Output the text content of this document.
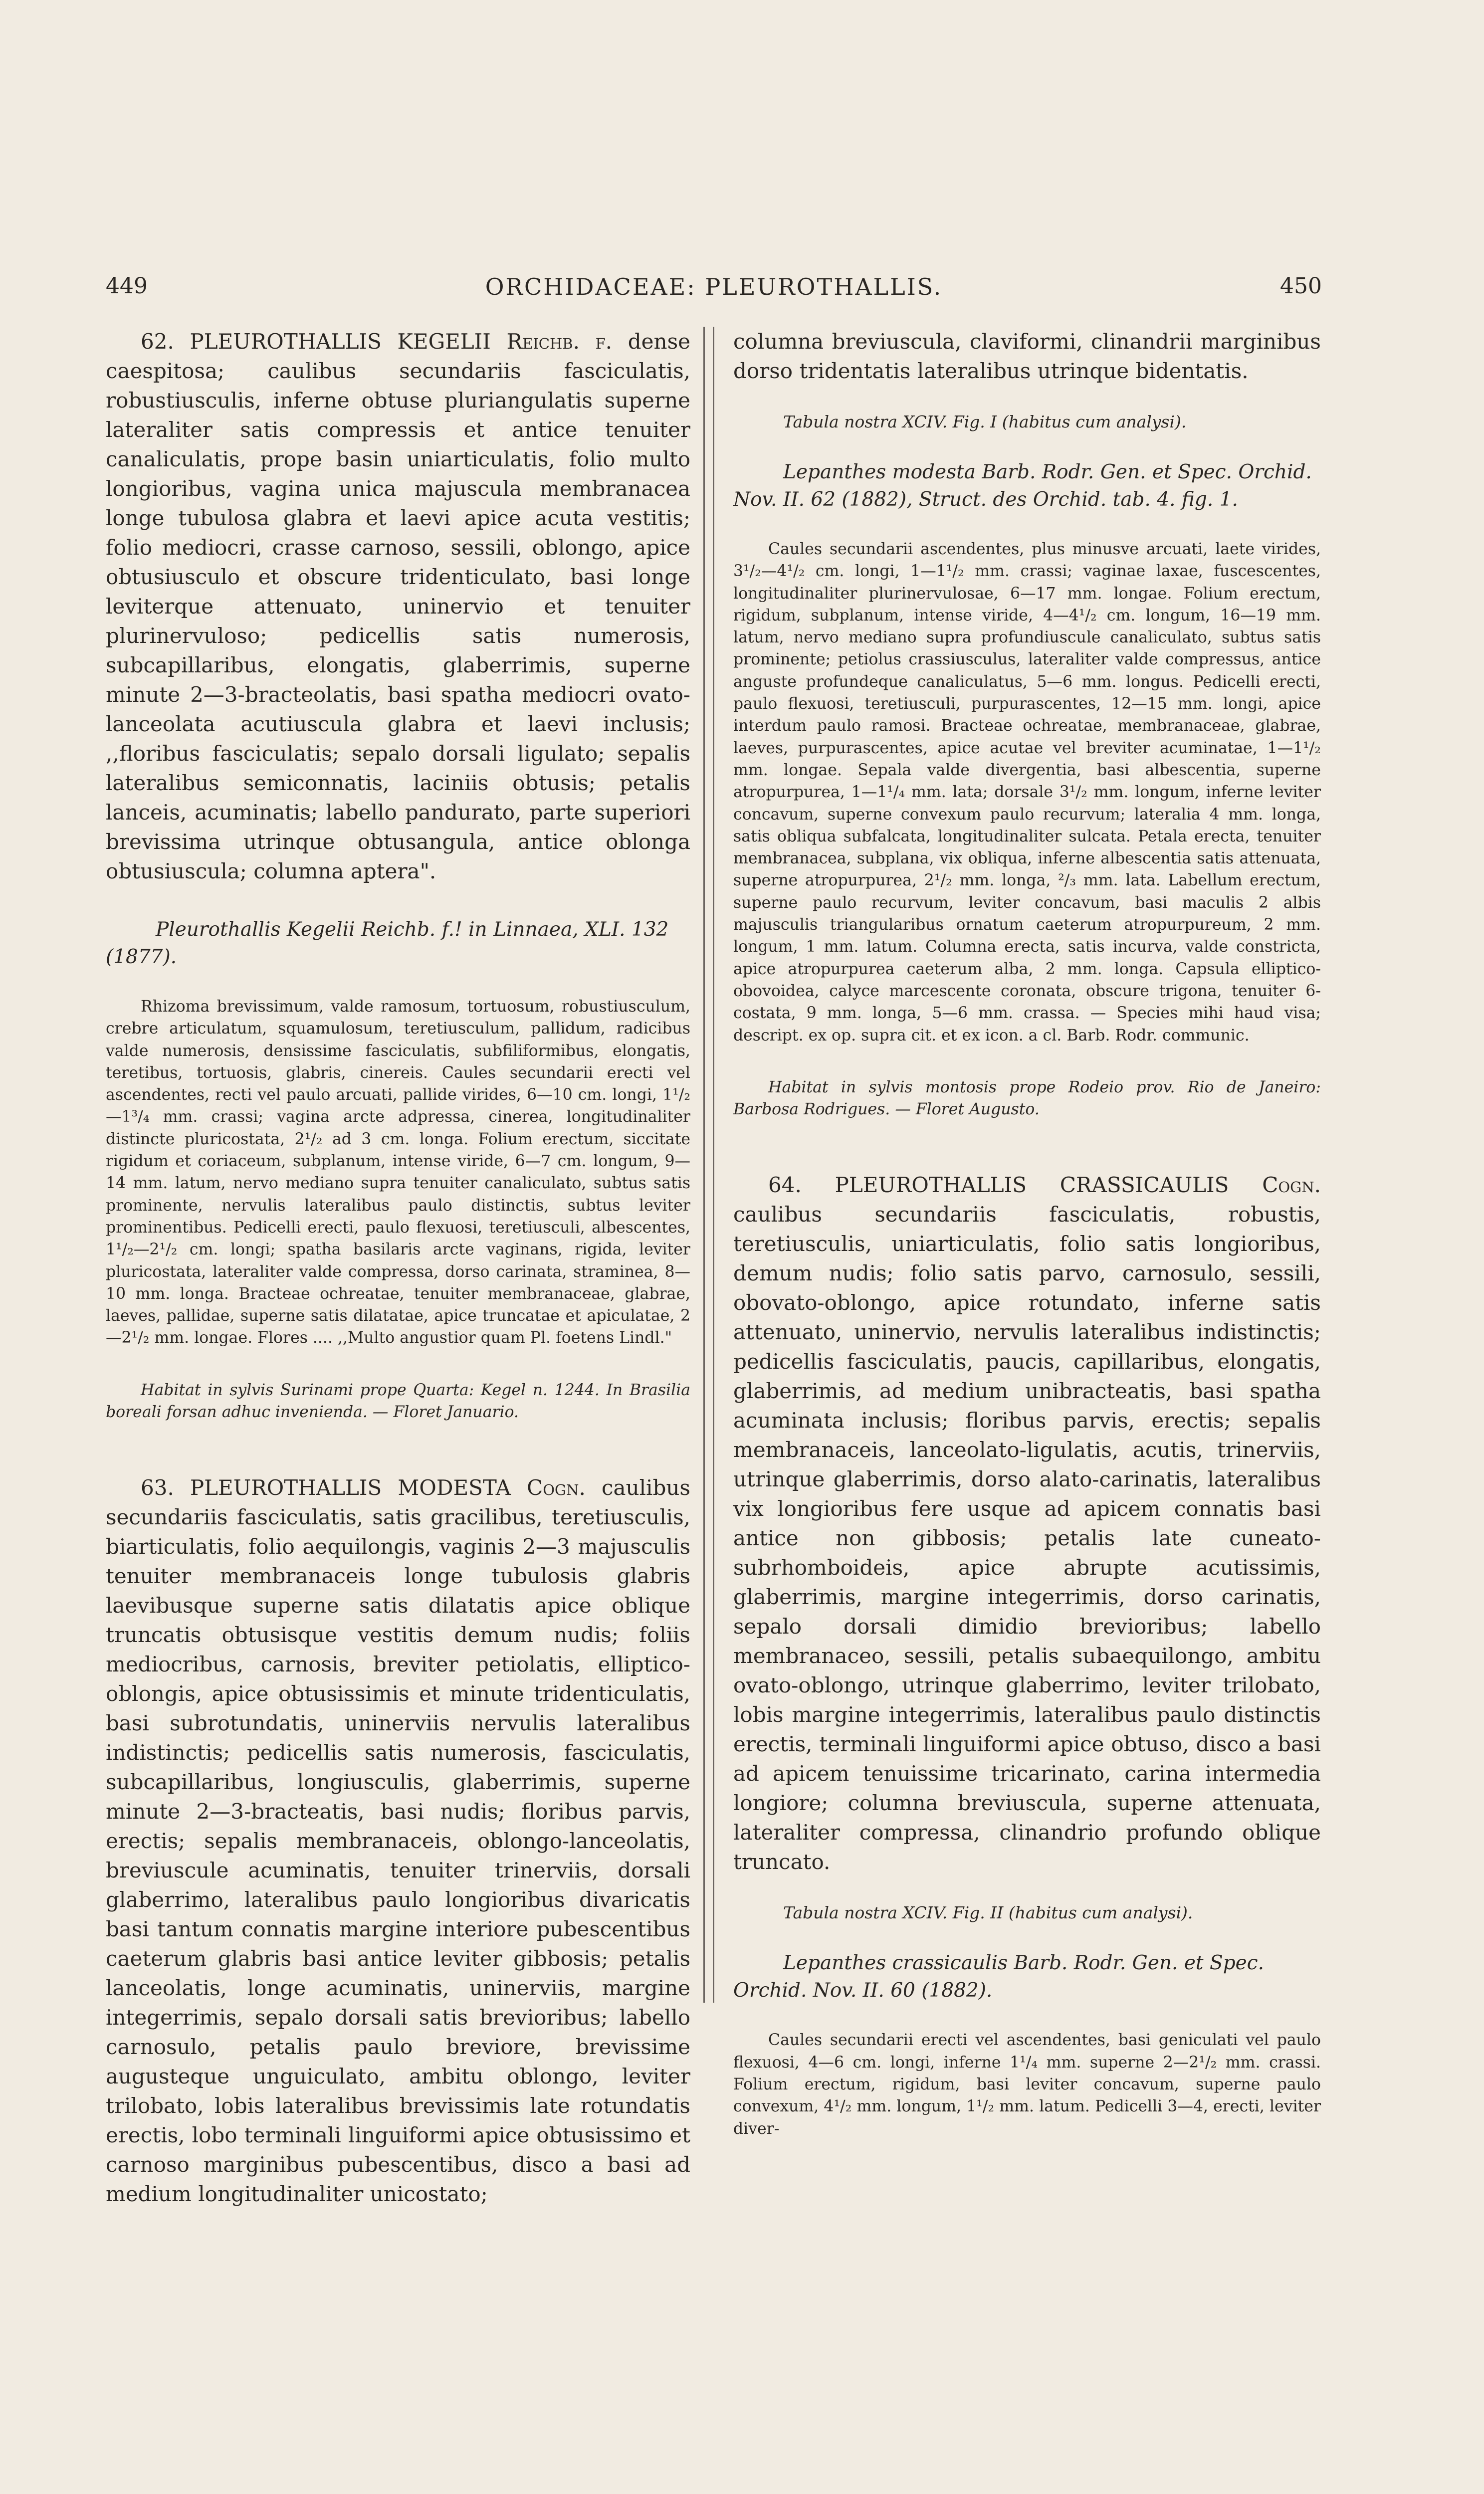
449	ORCHIDACEAE: PLEUROTHALLIS.	450

62. PLEUROTHALLIS KEGELII Reichb. f. dense caespitosa; caulibus secundariis fasciculatis, robustiusculis, inferne obtuse pluriangulatis superne lateraliter satis compressis et antice tenuiter canaliculatis, prope basin uniarticulatis, folio multo longioribus, vagina unica majuscula membranacea longe tubulosa glabra et laevi apice acuta vestitis; folio mediocri, crasse carnoso, sessili, oblongo, apice obtusiusculo et obscure tridenticulato, basi longe leviterque attenuato, uninervio et tenuiter plurinervuloso; pedicellis satis numerosis, subcapillaribus, elongatis, glaberrimis, superne minute 2—3-bracteolatis, basi spatha mediocri ovato-lanceolata acutiuscula glabra et laevi inclusis; ,,floribus fasciculatis; sepalo dorsali ligulato; sepalis lateralibus semiconnatis, laciniis obtusis; petalis lanceis, acuminatis; labello pandurato, parte superiori brevissima utrinque obtusangula, antice oblonga obtusiuscula; columna aptera".

Pleurothallis Kegelii Reichb. f.! in Linnaea, XLI. 132 (1877).

Rhizoma brevissimum, valde ramosum, tortuosum, robustiusculum, crebre articulatum, squamulosum, teretiusculum, pallidum, radicibus valde numerosis, densissime fasciculatis, subfiliformibus, elongatis, teretibus, tortuosis, glabris, cinereis. Caules secundarii erecti vel ascendentes, recti vel paulo arcuati, pallide virides, 6—10 cm. longi, 1¹/₂—1³/₄ mm. crassi; vagina arcte adpressa, cinerea, longitudinaliter distincte pluricostata, 2¹/₂ ad 3 cm. longa. Folium erectum, siccitate rigidum et coriaceum, subplanum, intense viride, 6—7 cm. longum, 9—14 mm. latum, nervo mediano supra tenuiter canaliculato, subtus satis prominente, nervulis lateralibus paulo distinctis, subtus leviter prominentibus. Pedicelli erecti, paulo flexuosi, teretiusculi, albescentes, 1¹/₂—2¹/₂ cm. longi; spatha basilaris arcte vaginans, rigida, leviter pluricostata, lateraliter valde compressa, dorso carinata, straminea, 8—10 mm. longa. Bracteae ochreatae, tenuiter membranaceae, glabrae, laeves, pallidae, superne satis dilatatae, apice truncatae et apiculatae, 2—2¹/₂ mm. longae. Flores .... ,,Multo angustior quam Pl. foetens Lindl."

Habitat in sylvis Surinami prope Quarta: Kegel n. 1244. In Brasilia boreali forsan adhuc invenienda. — Floret Januario.

63. PLEUROTHALLIS MODESTA Cogn. caulibus secundariis fasciculatis, satis gracilibus, teretiusculis, biarticulatis, folio aequilongis, vaginis 2—3 majusculis tenuiter membranaceis longe tubulosis glabris laevibusque superne satis dilatatis apice oblique truncatis obtusisque vestitis demum nudis; foliis mediocribus, carnosis, breviter petiolatis, elliptico-oblongis, apice obtusissimis et minute tridenticulatis, basi subrotundatis, uninerviis nervulis lateralibus indistinctis; pedicellis satis numerosis, fasciculatis, subcapillaribus, longiusculis, glaberrimis, superne minute 2—3-bracteatis, basi nudis; floribus parvis, erectis; sepalis membranaceis, oblongo-lanceolatis, breviuscule acuminatis, tenuiter trinerviis, dorsali glaberrimo, lateralibus paulo longioribus divaricatis basi tantum connatis margine interiore pubescentibus caeterum glabris basi antice leviter gibbosis; petalis lanceolatis, longe acuminatis, uninerviis, margine integerrimis, sepalo dorsali satis brevioribus; labello carnosulo, petalis paulo breviore, brevissime augusteque unguiculato, ambitu oblongo, leviter trilobato, lobis lateralibus brevissimis late rotundatis erectis, lobo terminali linguiformi apice obtusissimo et carnoso marginibus pubescentibus, disco a basi ad medium longitudinaliter unicostato;

columna breviuscula, claviformi, clinandrii marginibus dorso tridentatis lateralibus utrinque bidentatis.

Tabula nostra XCIV. Fig. I (habitus cum analysi).

Lepanthes modesta Barb. Rodr. Gen. et Spec. Orchid. Nov. II. 62 (1882), Struct. des Orchid. tab. 4. fig. 1.

Caules secundarii ascendentes, plus minusve arcuati, laete virides, 3¹/₂—4¹/₂ cm. longi, 1—1¹/₂ mm. crassi; vaginae laxae, fuscescentes, longitudinaliter plurinervulosae, 6—17 mm. longae. Folium erectum, rigidum, subplanum, intense viride, 4—4¹/₂ cm. longum, 16—19 mm. latum, nervo mediano supra profundiuscule canaliculato, subtus satis prominente; petiolus crassiusculus, lateraliter valde compressus, antice anguste profundeque canaliculatus, 5—6 mm. longus. Pedicelli erecti, paulo flexuosi, teretiusculi, purpurascentes, 12—15 mm. longi, apice interdum paulo ramosi. Bracteae ochreatae, membranaceae, glabrae, laeves, purpurascentes, apice acutae vel breviter acuminatae, 1—1¹/₂ mm. longae. Sepala valde divergentia, basi albescentia, superne atropurpurea, 1—1¹/₄ mm. lata; dorsale 3¹/₂ mm. longum, inferne leviter concavum, superne convexum paulo recurvum; lateralia 4 mm. longa, satis obliqua subfalcata, longitudinaliter sulcata. Petala erecta, tenuiter membranacea, subplana, vix obliqua, inferne albescentia satis attenuata, superne atropurpurea, 2¹/₂ mm. longa, ²/₃ mm. lata. Labellum erectum, superne paulo recurvum, leviter concavum, basi maculis 2 albis majusculis triangularibus ornatum caeterum atropurpureum, 2 mm. longum, 1 mm. latum. Columna erecta, satis incurva, valde constricta, apice atropurpurea caeterum alba, 2 mm. longa. Capsula elliptico-obovoidea, calyce marcescente coronata, obscure trigona, tenuiter 6-costata, 9 mm. longa, 5—6 mm. crassa. — Species mihi haud visa; descript. ex op. supra cit. et ex icon. a cl. Barb. Rodr. communic.

Habitat in sylvis montosis prope Rodeio prov. Rio de Janeiro: Barbosa Rodrigues. — Floret Augusto.

64. PLEUROTHALLIS CRASSICAULIS Cogn. caulibus secundariis fasciculatis, robustis, teretiusculis, uniarticulatis, folio satis longioribus, demum nudis; folio satis parvo, carnosulo, sessili, obovato-oblongo, apice rotundato, inferne satis attenuato, uninervio, nervulis lateralibus indistinctis; pedicellis fasciculatis, paucis, capillaribus, elongatis, glaberrimis, ad medium unibracteatis, basi spatha acuminata inclusis; floribus parvis, erectis; sepalis membranaceis, lanceolato-ligulatis, acutis, trinerviis, utrinque glaberrimis, dorso alato-carinatis, lateralibus vix longioribus fere usque ad apicem connatis basi antice non gibbosis; petalis late cuneato-subrhomboideis, apice abrupte acutissimis, glaberrimis, margine integerrimis, dorso carinatis, sepalo dorsali dimidio brevioribus; labello membranaceo, sessili, petalis subaequilongo, ambitu ovato-oblongo, utrinque glaberrimo, leviter trilobato, lobis margine integerrimis, lateralibus paulo distinctis erectis, terminali linguiformi apice obtuso, disco a basi ad apicem tenuissime tricarinato, carina intermedia longiore; columna breviuscula, superne attenuata, lateraliter compressa, clinandrio profundo oblique truncato.

Tabula nostra XCIV. Fig. II (habitus cum analysi).

Lepanthes crassicaulis Barb. Rodr. Gen. et Spec. Orchid. Nov. II. 60 (1882).

Caules secundarii erecti vel ascendentes, basi geniculati vel paulo flexuosi, 4—6 cm. longi, inferne 1¹/₄ mm. superne 2—2¹/₂ mm. crassi. Folium erectum, rigidum, basi leviter concavum, superne paulo convexum, 4¹/₂ mm. longum, 1¹/₂ mm. latum. Pedicelli 3—4, erecti, leviter diver-
